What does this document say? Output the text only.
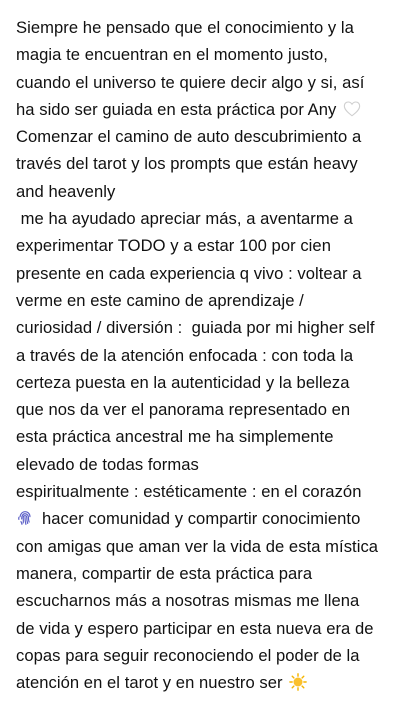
Siempre he pensado que el conocimiento y la
magia te encuentran en el momento justo,
cuando el universo te quiere decir algo y si, así
ha sido ser guiada en esta práctica por Any
Comenzar el camino de auto descubrimiento a
través del tarot y los prompts que están heavy
and heavenly
me ha ayudado apreciar más, a aventarme a
experimentar TODO y a estar 100 por cien
presente en cada experiencia q vivo : voltear a
verme en este camino de aprendizaje /
curiosidad / diversión :  guiada por mi higher self
a través de la atención enfocada : con toda la
certeza puesta en la autenticidad y la belleza
que nos da ver el panorama representado en
esta práctica ancestral me ha simplemente
elevado de todas formas
espiritualmente : estéticamente : en el corazón
hacer comunidad y compartir conocimiento
con amigas que aman ver la vida de esta mística
manera, compartir de esta práctica para
escucharnos más a nosotras mismas me llena
de vida y espero participar en esta nueva era de
copas para seguir reconociendo el poder de la
atención en el tarot y en nuestro ser
